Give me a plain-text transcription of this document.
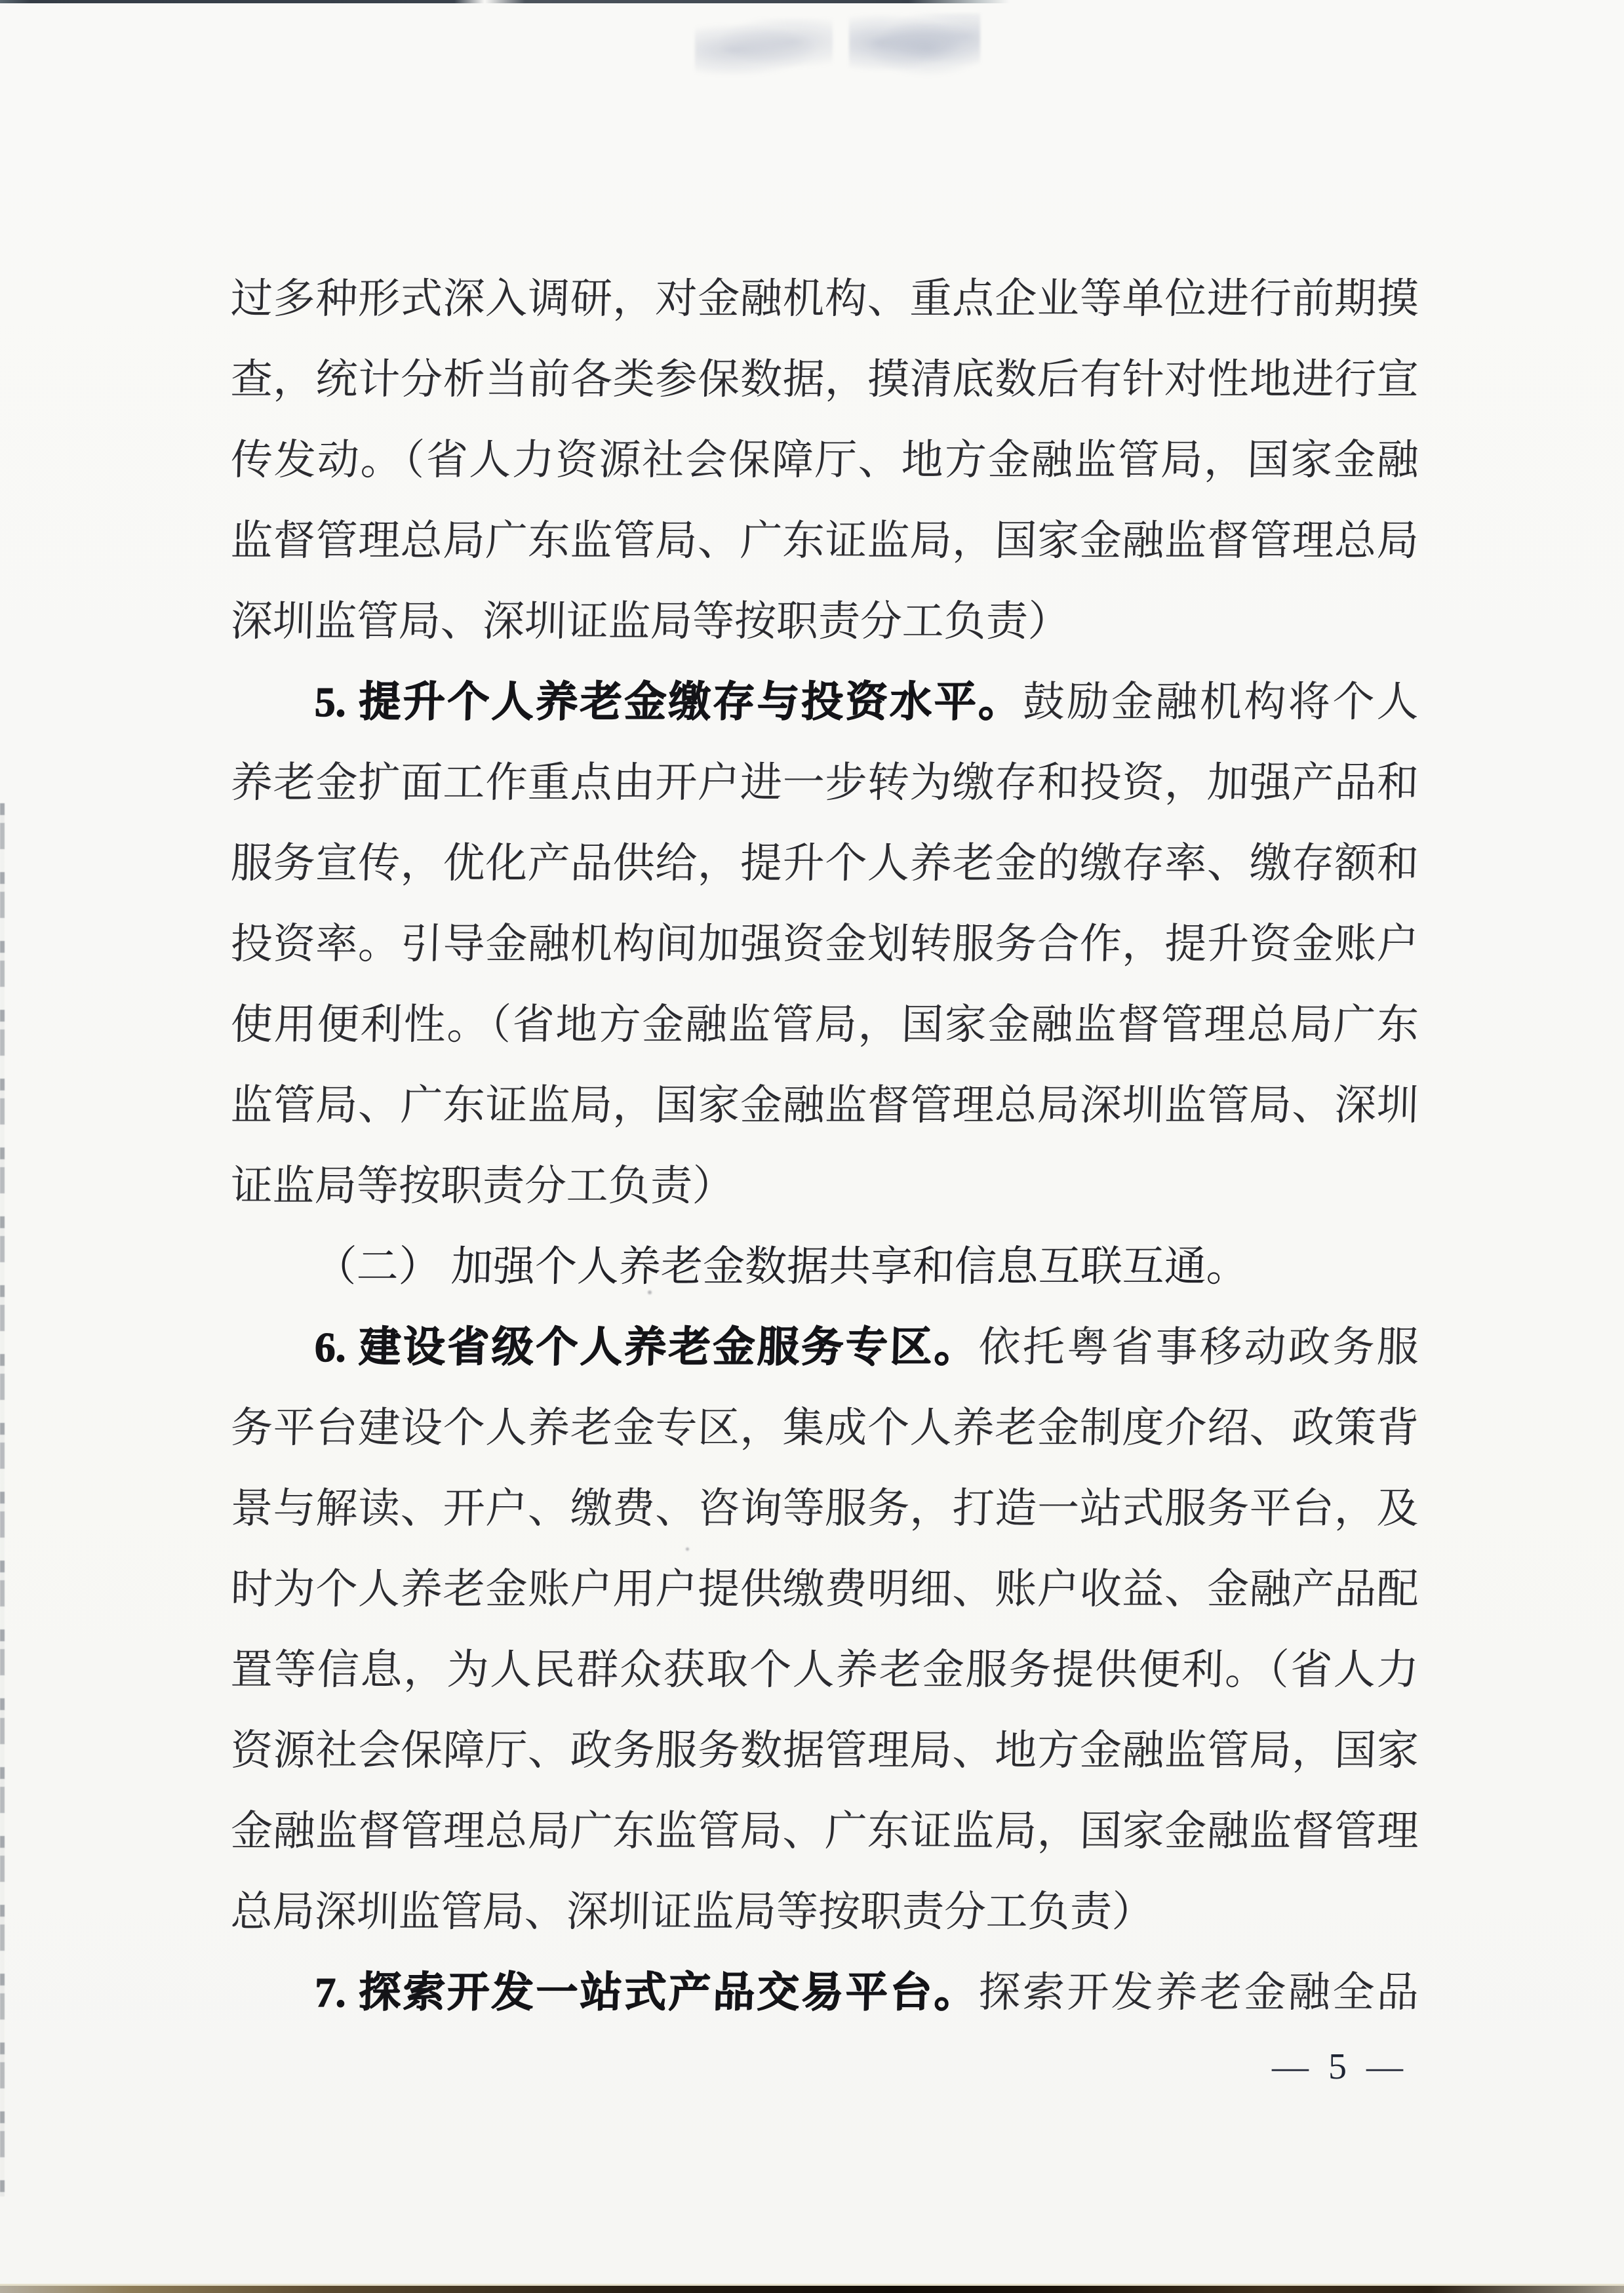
过多种形式深入调研，对金融机构、重点企业等单位进行前期摸
查，统计分析当前各类参保数据，摸清底数后有针对性地进行宣
传发动。（省人力资源社会保障厅、地方金融监管局，国家金融
监督管理总局广东监管局、广东证监局，国家金融监督管理总局
深圳监管局、深圳证监局等按职责分工负责）
5. 提升个人养老金缴存与投资水平。鼓励金融机构将个人
养老金扩面工作重点由开户进一步转为缴存和投资，加强产品和
服务宣传，优化产品供给，提升个人养老金的缴存率、缴存额和
投资率。引导金融机构间加强资金划转服务合作，提升资金账户
使用便利性。（省地方金融监管局，国家金融监督管理总局广东
监管局、广东证监局，国家金融监督管理总局深圳监管局、深圳
证监局等按职责分工负责）
（二） 加强个人养老金数据共享和信息互联互通。
6. 建设省级个人养老金服务专区。依托粤省事移动政务服
务平台建设个人养老金专区，集成个人养老金制度介绍、政策背
景与解读、开户、缴费、咨询等服务，打造一站式服务平台，及
时为个人养老金账户用户提供缴费明细、账户收益、金融产品配
置等信息，为人民群众获取个人养老金服务提供便利。（省人力
资源社会保障厅、政务服务数据管理局、地方金融监管局，国家
金融监督管理总局广东监管局、广东证监局，国家金融监督管理
总局深圳监管局、深圳证监局等按职责分工负责）
7. 探索开发一站式产品交易平台。探索开发养老金融全品
— 5 —
